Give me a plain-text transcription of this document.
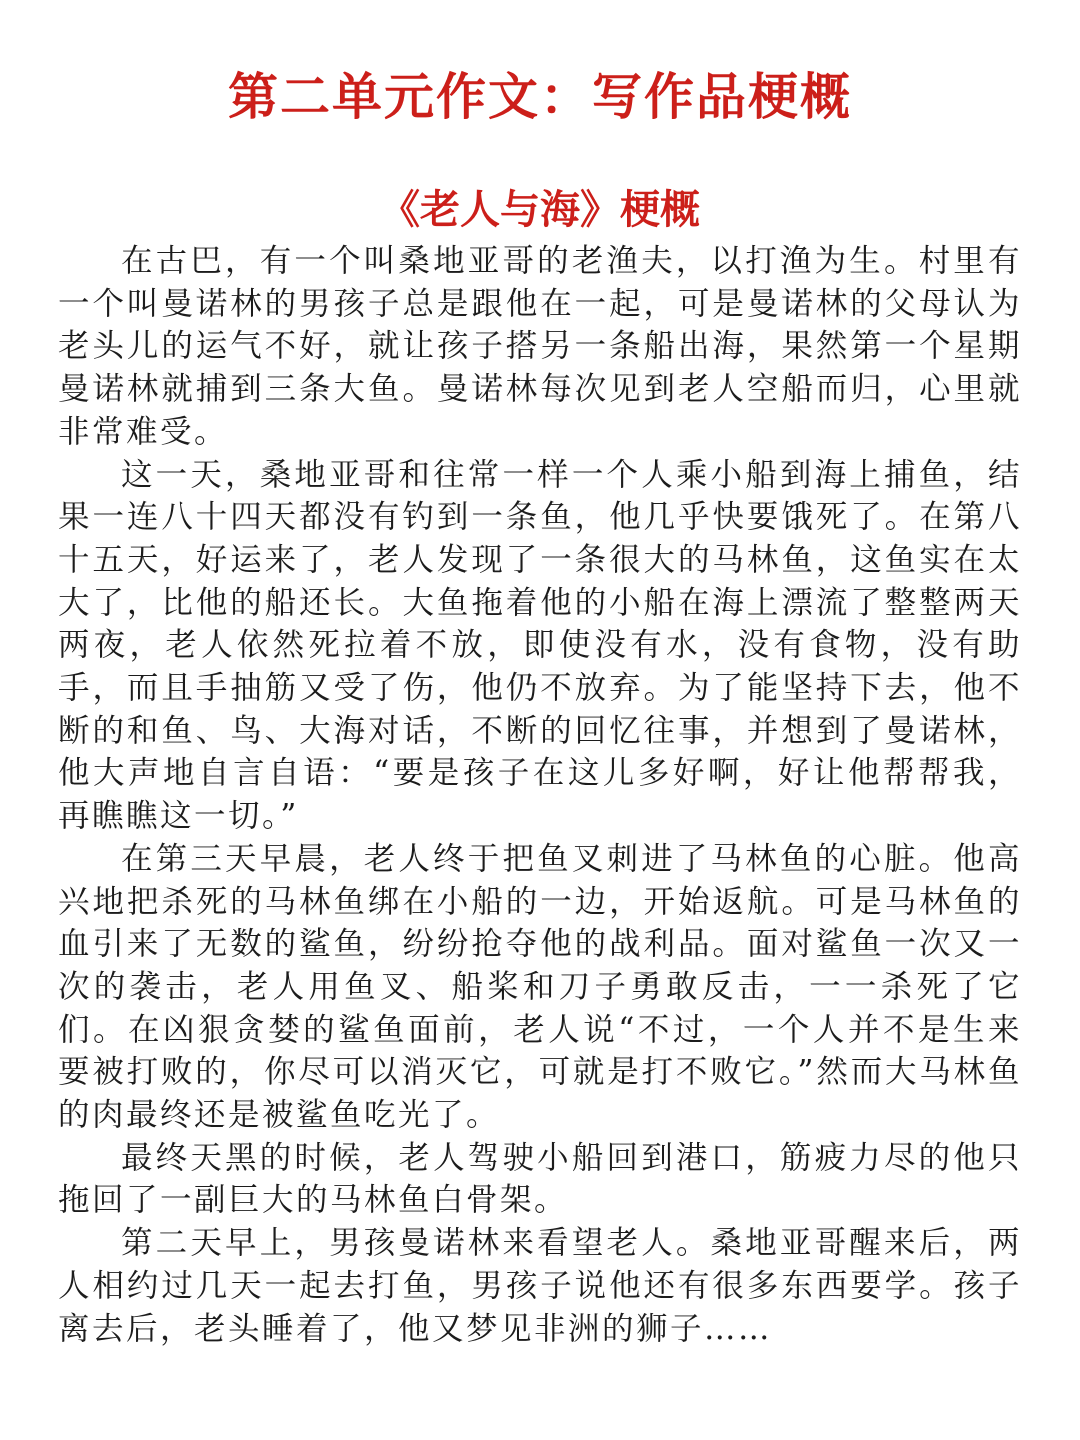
第二单元作文：写作品梗概
《老人与海》梗概

在古巴，有一个叫桑地亚哥的老渔夫，以打渔为生。村里有一个叫曼诺林的男孩子总是跟他在一起，可是曼诺林的父母认为老头儿的运气不好，就让孩子搭另一条船出海，果然第一个星期曼诺林就捕到三条大鱼。曼诺林每次见到老人空船而归，心里就非常难受。

这一天，桑地亚哥和往常一样一个人乘小船到海上捕鱼，结果一连八十四天都没有钓到一条鱼，他几乎快要饿死了。在第八十五天，好运来了，老人发现了一条很大的马林鱼，这鱼实在太大了，比他的船还长。大鱼拖着他的小船在海上漂流了整整两天两夜，老人依然死拉着不放，即使没有水，没有食物，没有助手，而且手抽筋又受了伤，他仍不放弃。为了能坚持下去，他不断的和鱼、鸟、大海对话，不断的回忆往事，并想到了曼诺林，他大声地自言自语：“要是孩子在这儿多好啊，好让他帮帮我，再瞧瞧这一切。”

在第三天早晨，老人终于把鱼叉刺进了马林鱼的心脏。他高兴地把杀死的马林鱼绑在小船的一边，开始返航。可是马林鱼的血引来了无数的鲨鱼，纷纷抢夺他的战利品。面对鲨鱼一次又一次的袭击，老人用鱼叉、船桨和刀子勇敢反击，一一杀死了它们。在凶狠贪婪的鲨鱼面前，老人说“不过，一个人并不是生来要被打败的，你尽可以消灭它，可就是打不败它。”然而大马林鱼的肉最终还是被鲨鱼吃光了。

最终天黑的时候，老人驾驶小船回到港口，筋疲力尽的他只拖回了一副巨大的马林鱼白骨架。

第二天早上，男孩曼诺林来看望老人。桑地亚哥醒来后，两人相约过几天一起去打鱼，男孩子说他还有很多东西要学。孩子离去后，老头睡着了，他又梦见非洲的狮子……
